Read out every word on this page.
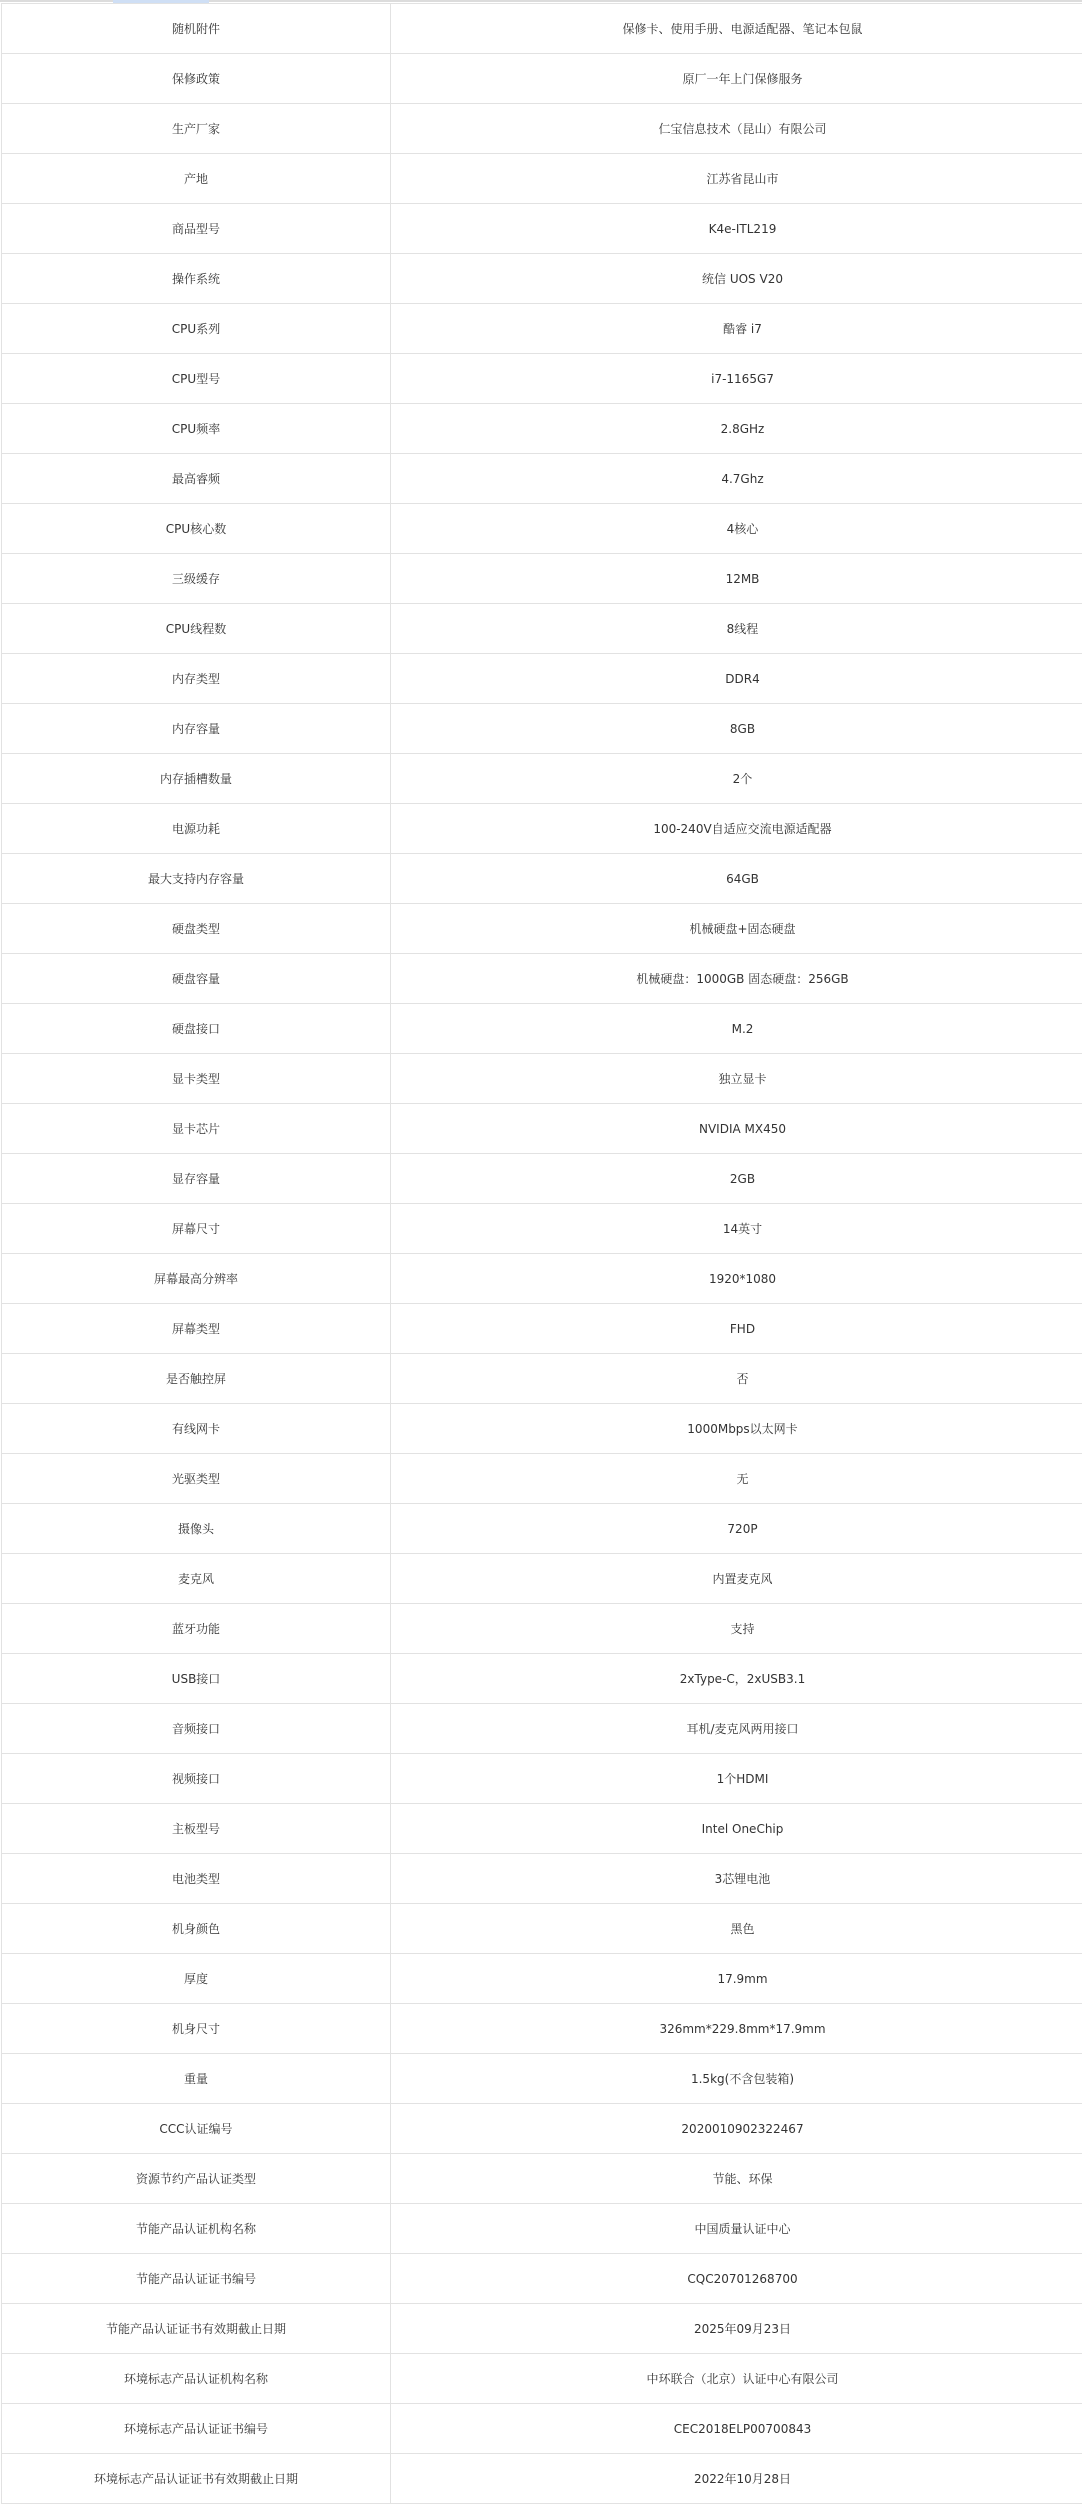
随机附件	保修卡、使用手册、电源适配器、笔记本包鼠
保修政策	原厂一年上门保修服务
生产厂家	仁宝信息技术（昆山）有限公司
产地	江苏省昆山市
商品型号	K4e-ITL219
操作系统	统信 UOS V20
CPU系列	酷睿 i7
CPU型号	i7-1165G7
CPU频率	2.8GHz
最高睿频	4.7Ghz
CPU核心数	4核心
三级缓存	12MB
CPU线程数	8线程
内存类型	DDR4
内存容量	8GB
内存插槽数量	2个
电源功耗	100-240V自适应交流电源适配器
最大支持内存容量	64GB
硬盘类型	机械硬盘+固态硬盘
硬盘容量	机械硬盘：1000GB 固态硬盘：256GB
硬盘接口	M.2
显卡类型	独立显卡
显卡芯片	NVIDIA MX450
显存容量	2GB
屏幕尺寸	14英寸
屏幕最高分辨率	1920*1080
屏幕类型	FHD
是否触控屏	否
有线网卡	1000Mbps以太网卡
光驱类型	无
摄像头	720P
麦克风	内置麦克风
蓝牙功能	支持
USB接口	2xType-C，2xUSB3.1
音频接口	耳机/麦克风两用接口
视频接口	1个HDMI
主板型号	Intel OneChip
电池类型	3芯锂电池
机身颜色	黑色
厚度	17.9mm
机身尺寸	326mm*229.8mm*17.9mm
重量	1.5kg(不含包装箱)
CCC认证编号	2020010902322467
资源节约产品认证类型	节能、环保
节能产品认证机构名称	中国质量认证中心
节能产品认证证书编号	CQC20701268700
节能产品认证证书有效期截止日期	2025年09月23日
环境标志产品认证机构名称	中环联合（北京）认证中心有限公司
环境标志产品认证证书编号	CEC2018ELP00700843
环境标志产品认证证书有效期截止日期	2022年10月28日
